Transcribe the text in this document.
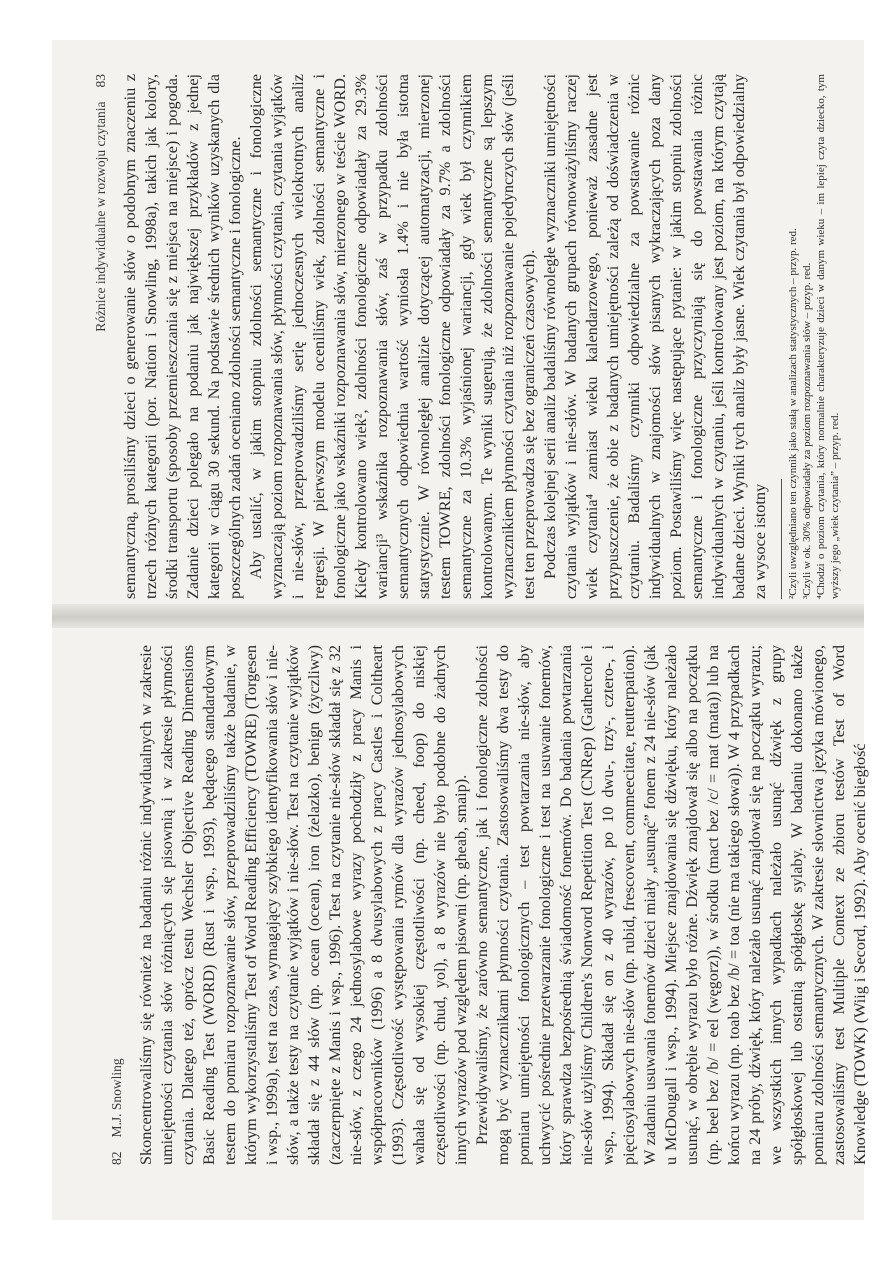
Różnice indywidualne w rozwoju czytania83 semantyczną, prosiliśmy dzieci o generowanie słów o podobnym znaczeniu z trzech różnych kategorii (por. Nation i Snowling, 1998a), takich jak kolory, środki transportu (sposoby przemieszczania się z miejsca na miejsce) i pogoda. Zadanie dzieci polegało na podaniu jak największej przykładów z jednej kategorii w ciągu 30 sekund. Na podstawie średnich wyników uzyskanych dla poszczególnych zadań oceniano zdolności semantyczne i fonologiczne. Aby ustalić, w jakim stopniu zdolności semantyczne i fonologiczne wyznaczają poziom rozpoznawania słów, płynności czytania, czytania wyjątków i nie-słów, przeprowadziliśmy serię jednoczesnych wielokrotnych analiz regresji. W pierwszym modelu oceniliśmy wiek, zdolności semantyczne i fonologiczne jako wskaźniki rozpoznawania słów, mierzonego w teście WORD. Kiedy kontrolowano wiek², zdolności fonologiczne odpowiadały za 29.3% wariancji³ wskaźnika rozpoznawania słów, zaś w przypadku zdolności semantycznych odpowiednia wartość wyniosła 1.4% i nie była istotna statystycznie. W równoległej analizie dotyczącej automatyzacji, mierzonej testem TOWRE, zdolności fonologiczne odpowiadały za 9.7% a zdolności semantyczne za 10.3% wyjaśnionej wariancji, gdy wiek był czynnikiem kontrolowanym. Te wyniki sugerują, że zdolności semantyczne są lepszym wyznacznikiem płynności czytania niż rozpoznawanie pojedynczych słów (jeśli test ten przeprowadza się bez ograniczeń czasowych). Podczas kolejnej serii analiz badaliśmy równoległe wyznaczniki umiejętności czytania wyjątków i nie-słów. W badanych grupach równoważyliśmy raczej wiek czytania⁴ zamiast wieku kalendarzowego, ponieważ zasadne jest przypuszczenie, że obie z badanych umiejętności zależą od doświadczenia w czytaniu. Badaliśmy czynniki odpowiedzialne za powstawanie różnic indywidualnych w znajomości słów pisanych wykraczających poza dany poziom. Postawiliśmy więc następujące pytanie: w jakim stopniu zdolności semantyczne i fonologiczne przyczyniają się do powstawania różnic indywidualnych w czytaniu, jeśli kontrolowany jest poziom, na którym czytają badane dzieci. Wyniki tych analiz były jasne. Wiek czytania był odpowiedzialny za wysoce istotny ²Czyli uwzględniano ten czynnik jako stałą w analizach statystycznych – przyp. red. ³Czyli w ok. 30% odpowiadały za poziom rozpoznawania słów – przyp. red. ⁴Chodzi o poziom czytania, który normalnie charakteryzuje dzieci w danym wieku – im lepiej czyta dziecko, tym wyższy jego „wiek czytania” – przyp. red.

82M.J. Snowling Skoncentrowaliśmy się również na badaniu różnic indywidualnych w zakresie umiejętności czytania słów różniących się pisownią i w zakresie płynności czytania. Dlatego też, oprócz testu Wechsler Objective Reading Dimensions Basic Reading Test (WORD) (Rust i wsp., 1993), będącego standardowym testem do pomiaru rozpoznawanie słów, przeprowadziliśmy także badanie, w którym wykorzystaliśmy Test of Word Reading Efficiency (TOWRE) (Torgesen i wsp., 1999a), test na czas, wymagający szybkiego identyfikowania słów i nie-słów, a także testy na czytanie wyjątków i nie-słów. Test na czytanie wyjątków składał się z 44 słów (np. ocean (ocean), iron (żelazko), benign (życzliwy) (zaczerpnięte z Manis i wsp., 1996). Test na czytanie nie-słów składał się z 32 nie-słów, z czego 24 jednosylabowe wyrazy pochodziły z pracy Manis i współpracowników (1996) a 8 dwusylabowych z pracy Castles i Coltheart (1993). Częstotliwość występowania rymów dla wyrazów jednosylabowych wahała się od wysokiej częstotliwości (np. cheed, foop) do niskiej częstotliwości (np. chud, yol), a 8 wyrazów nie było podobne do żadnych innych wyrazów pod względem pisowni (np. gheab, smaip). Przewidywaliśmy, że zarówno semantyczne, jak i fonologiczne zdolności mogą być wyznacznikami płynności czytania. Zastosowaliśmy dwa testy do pomiaru umiejętności fonologicznych – test powtarzania nie-słów, aby uchwycić pośrednie przetwarzanie fonologiczne i test na usuwanie fonemów, który sprawdza bezpośrednią świadomość fonemów. Do badania powtarzania nie-słów użyliśmy Children's Nonword Repetition Test (CNRep) (Gathercole i wsp., 1994). Składał się on z 40 wyrazów, po 10 dwu-, trzy-, cztero-, i pięciosylabowych nie-słów (np. rubid, frescovent, commeecitate, reutterpation). W zadaniu usuwania fonemów dzieci miały „usunąć” fonem z 24 nie-słów (jak u McDougall i wsp., 1994). Miejsce znajdowania się dźwięku, który należało usunąć, w obrębie wyrazu było różne. Dźwięk znajdował się albo na początku (np. beel bez /b/ = eel (węgorz)), w środku (mact bez /c/ = mat (mata)) lub na końcu wyrazu (np. toab bez /b/ = toa (nie ma takiego słowa)). W 4 przypadkach na 24 próby, dźwięk, który należało usunąć znajdował się na początku wyrazu; we wszystkich innych wypadkach należało usunąć dźwięk z grupy spółgłoskowej lub ostatnią spółgłoskę sylaby. W badaniu dokonano także pomiaru zdolności semantycznych. W zakresie słownictwa języka mówionego, zastosowaliśmy test Multiple Context ze zbioru testów Test of Word Knowledge (TOWK) (Wiig i Secord, 1992). Aby ocenić biegłość
